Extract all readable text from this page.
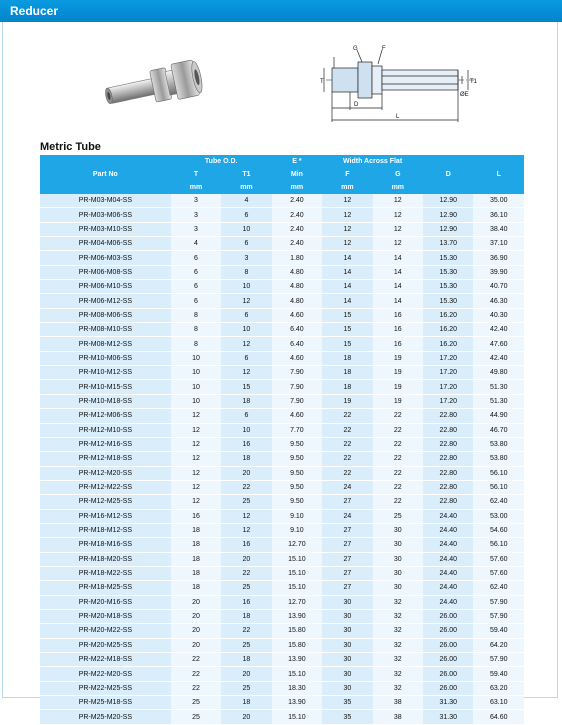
Reducer
G	F
T	T1
ØE
D
L
Metric Tube
Part No	Tube O.D.		E *	Width Across Flat		D	L
	T	T1	Min	F	G		
	mm	mm	mm	mm	mm		
PR-M03-M04-SS	3	4	2.40	12	12	12.90	35.00
PR-M03-M06-SS	3	6	2.40	12	12	12.90	36.10
PR-M03-M10-SS	3	10	2.40	12	12	12.90	38.40
PR-M04-M06-SS	4	6	2.40	12	12	13.70	37.10
PR-M06-M03-SS	6	3	1.80	14	14	15.30	36.90
PR-M06-M08-SS	6	8	4.80	14	14	15.30	39.90
PR-M06-M10-SS	6	10	4.80	14	14	15.30	40.70
PR-M06-M12-SS	6	12	4.80	14	14	15.30	46.30
PR-M08-M06-SS	8	6	4.60	15	16	16.20	40.30
PR-M08-M10-SS	8	10	6.40	15	16	16.20	42.40
PR-M08-M12-SS	8	12	6.40	15	16	16.20	47.60
PR-M10-M06-SS	10	6	4.60	18	19	17.20	42.40
PR-M10-M12-SS	10	12	7.90	18	19	17.20	49.80
PR-M10-M15-SS	10	15	7.90	18	19	17.20	51.30
PR-M10-M18-SS	10	18	7.90	19	19	17.20	51.30
PR-M12-M06-SS	12	6	4.60	22	22	22.80	44.90
PR-M12-M10-SS	12	10	7.70	22	22	22.80	46.70
PR-M12-M16-SS	12	16	9.50	22	22	22.80	53.80
PR-M12-M18-SS	12	18	9.50	22	22	22.80	53.80
PR-M12-M20-SS	12	20	9.50	22	22	22.80	56.10
PR-M12-M22-SS	12	22	9.50	24	22	22.80	56.10
PR-M12-M25-SS	12	25	9.50	27	22	22.80	62.40
PR-M16-M12-SS	16	12	9.10	24	25	24.40	53.00
PR-M18-M12-SS	18	12	9.10	27	30	24.40	54.60
PR-M18-M16-SS	18	16	12.70	27	30	24.40	56.10
PR-M18-M20-SS	18	20	15.10	27	30	24.40	57.60
PR-M18-M22-SS	18	22	15.10	27	30	24.40	57.60
PR-M18-M25-SS	18	25	15.10	27	30	24.40	62.40
PR-M20-M16-SS	20	16	12.70	30	32	24.40	57.90
PR-M20-M18-SS	20	18	13.90	30	32	26.00	57.90
PR-M20-M22-SS	20	22	15.80	30	32	26.00	59.40
PR-M20-M25-SS	20	25	15.80	30	32	26.00	64.20
PR-M22-M18-SS	22	18	13.90	30	32	26.00	57.90
PR-M22-M20-SS	22	20	15.10	30	32	26.00	59.40
PR-M22-M25-SS	22	25	18.30	30	32	26.00	63.20
PR-M25-M18-SS	25	18	13.90	35	38	31.30	63.10
PR-M25-M20-SS	25	20	15.10	35	38	31.30	64.60
